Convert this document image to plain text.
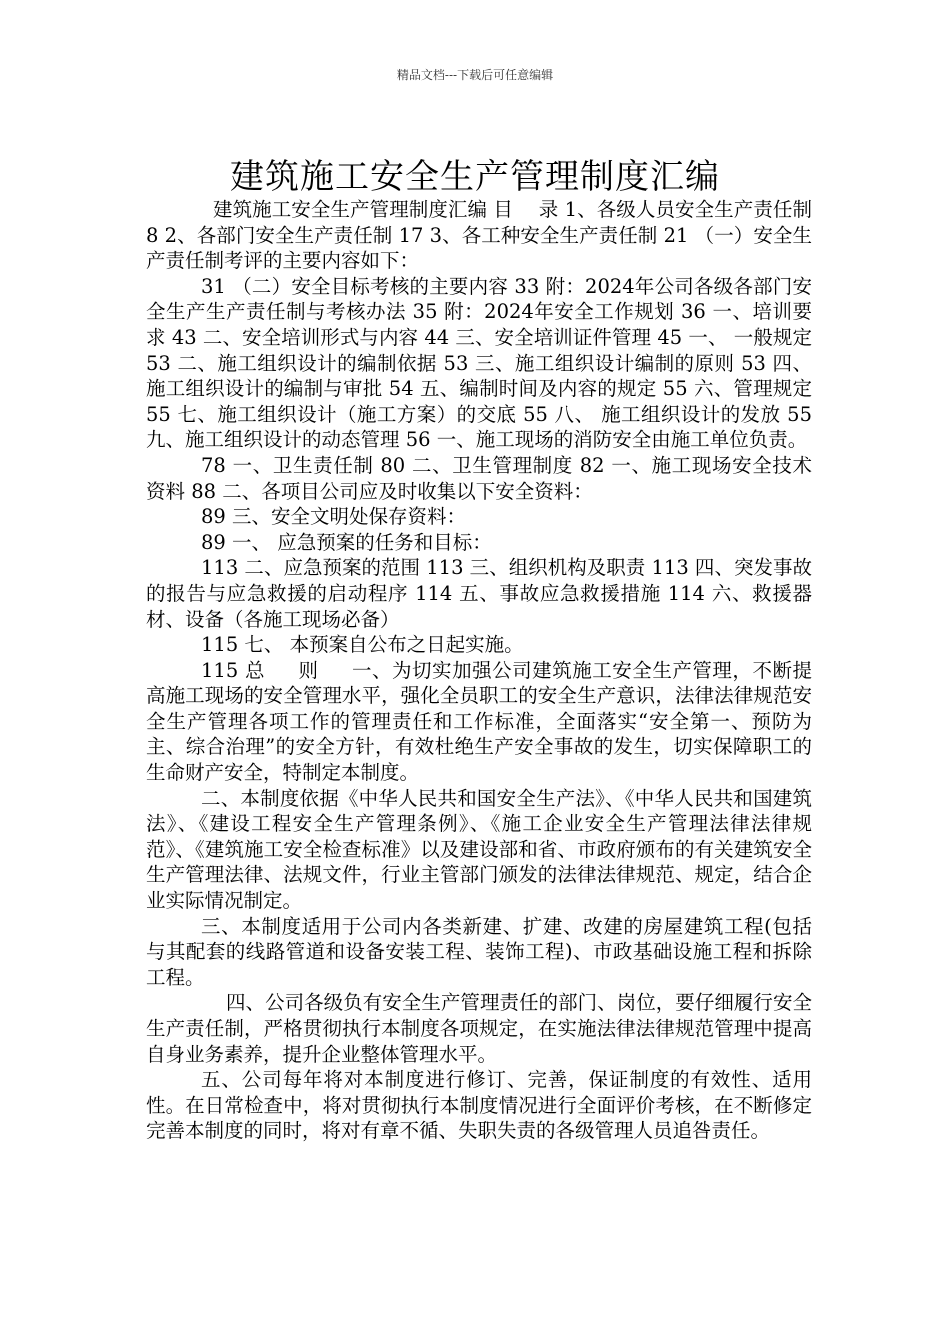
精品文档---下载后可任意编辑
建筑施工安全生产管理制度汇编

建筑施工安全生产管理制度汇编 目 　录 1、各级人员安全生产责任制 8 2、各部门安全生产责任制 17 3、各工种安全生产责任制 21 （一）安全生产责任制考评的主要内容如下：

31 （二）安全目标考核的主要内容 33 附：2024年公司各级各部门安全生产生产责任制与考核办法 35 附：2024年安全工作规划 36 一、培训要求 43 二、安全培训形式与内容 44 三、安全培训证件管理 45 一、 一般规定 53 二、施工组织设计的编制依据 53 三、施工组织设计编制的原则 53 四、施工组织设计的编制与审批 54 五、编制时间及内容的规定 55 六、管理规定 55 七、施工组织设计（施工方案）的交底 55 八、 施工组织设计的发放 55 九、施工组织设计的动态管理 56 一、施工现场的消防安全由施工单位负责。

78 一、卫生责任制 80 二、卫生管理制度 82 一、施工现场安全技术资料 88 二、各项目公司应及时收集以下安全资料：

89 三、安全文明处保存资料：

89 一、 应急预案的任务和目标：

113 二、应急预案的范围 113 三、组织机构及职责 113 四、突发事故的报告与应急救援的启动程序 114 五、事故应急救援措施 114 六、救援器材、设备（各施工现场必备）

115 七、 本预案自公布之日起实施。

115 总 　 则 　 一、为切实加强公司建筑施工安全生产管理，不断提高施工现场的安全管理水平，强化全员职工的安全生产意识，法律法律规范安全生产管理各项工作的管理责任和工作标准，全面落实“安全第一、预防为主、综合治理”的安全方针，有效杜绝生产安全事故的发生，切实保障职工的生命财产安全，特制定本制度。

二、本制度依据《中华人民共和国安全生产法》、《中华人民共和国建筑法》、《建设工程安全生产管理条例》、《施工企业安全生产管理法律法律规范》、《建筑施工安全检查标准》以及建设部和省、市政府颁布的有关建筑安全生产管理法律、法规文件，行业主管部门颁发的法律法律规范、规定，结合企业实际情况制定。

三、本制度适用于公司内各类新建、扩建、改建的房屋建筑工程(包括与其配套的线路管道和设备安装工程、装饰工程)、市政基础设施工程和拆除工程。

四、公司各级负有安全生产管理责任的部门、岗位，要仔细履行安全生产责任制，严格贯彻执行本制度各项规定，在实施法律法律规范管理中提高自身业务素养，提升企业整体管理水平。

五、公司每年将对本制度进行修订、完善，保证制度的有效性、适用性。在日常检查中，将对贯彻执行本制度情况进行全面评价考核，在不断修定完善本制度的同时，将对有章不循、失职失责的各级管理人员追咎责任。
